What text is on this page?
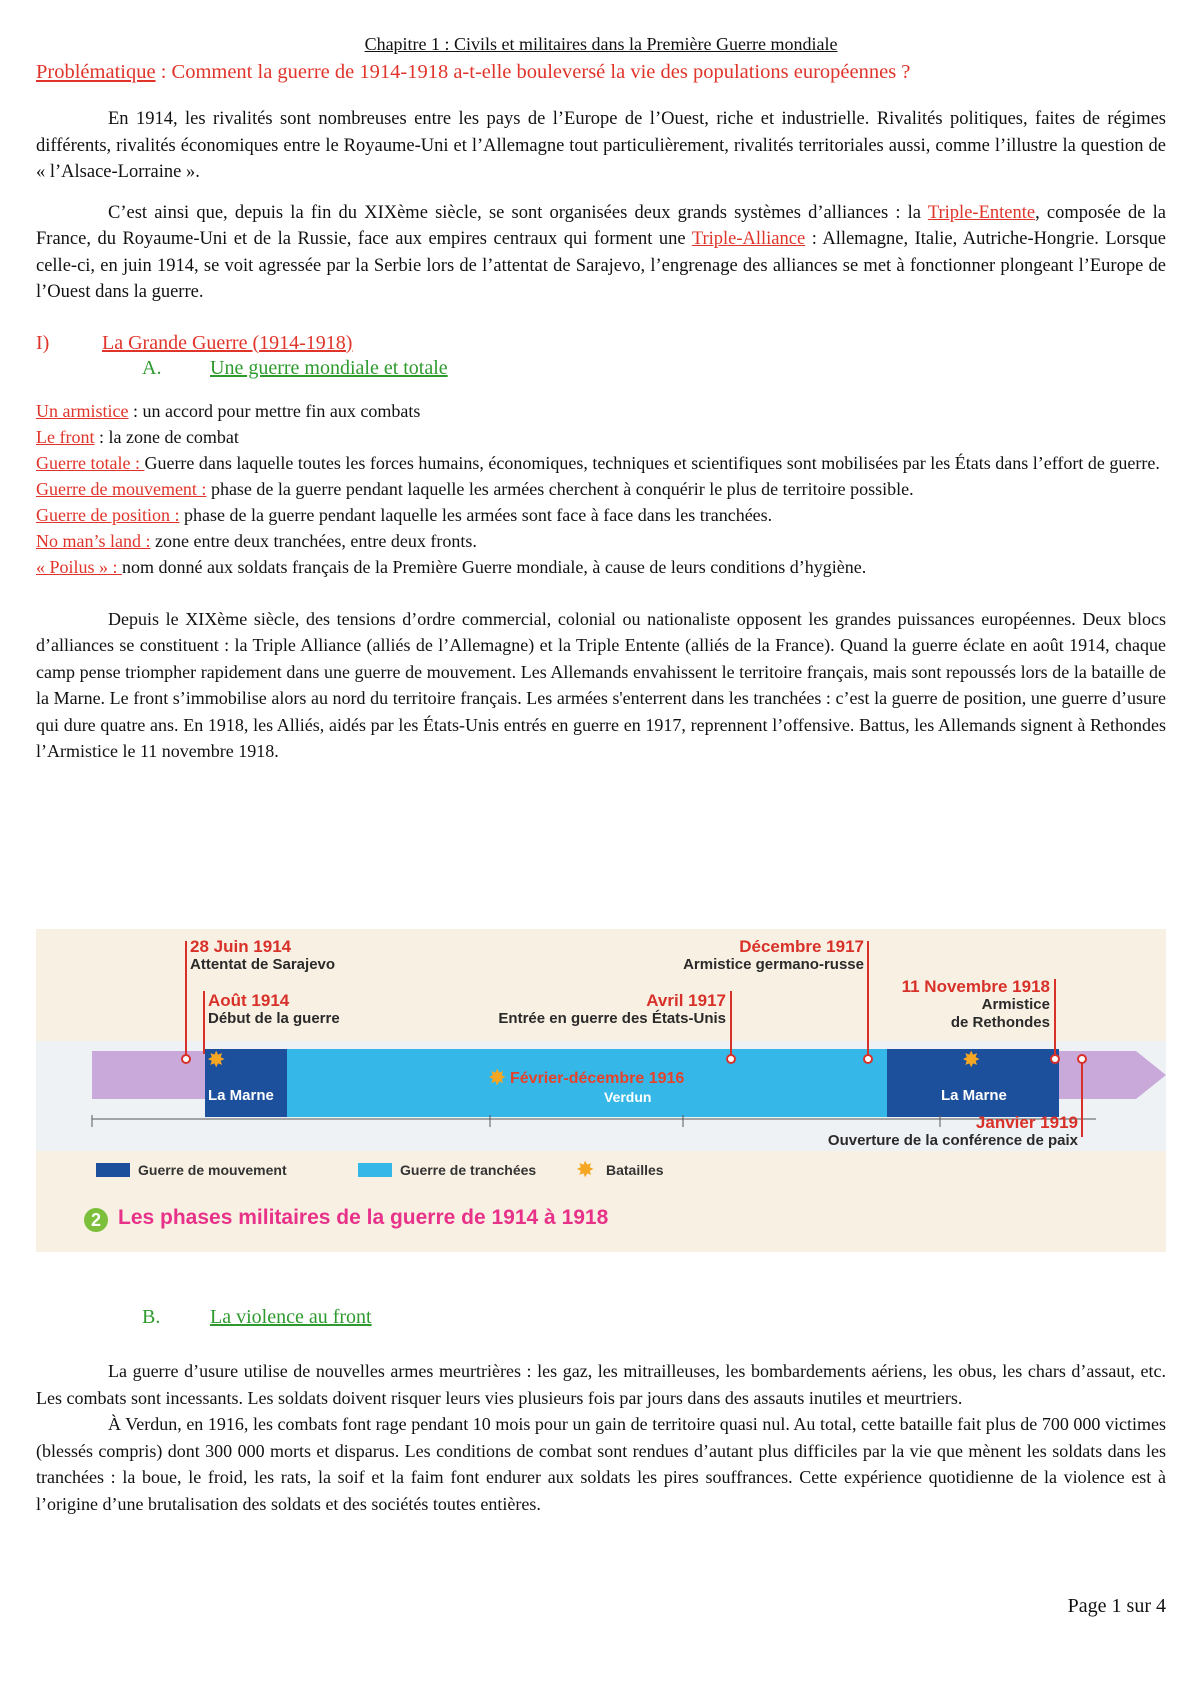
Chapitre 1 : Civils et militaires dans la Première Guerre mondiale
Problématique : Comment la guerre de 1914-1918 a-t-elle bouleversé la vie des populations européennes ?

En 1914, les rivalités sont nombreuses entre les pays de l’Europe de l’Ouest, riche et industrielle. Rivalités politiques, faites de régimes différents, rivalités économiques entre le Royaume-Uni et l’Allemagne tout particulièrement, rivalités territoriales aussi, comme l’illustre la question de « l’Alsace-Lorraine ».

C’est ainsi que, depuis la fin du XIXème siècle, se sont organisées deux grands systèmes d’alliances : la Triple-Entente, composée de la France, du Royaume-Uni et de la Russie, face aux empires centraux qui forment une Triple-Alliance : Allemagne, Italie, Autriche-Hongrie. Lorsque celle-ci, en juin 1914, se voit agressée par la Serbie lors de l’attentat de Sarajevo, l’engrenage des alliances se met à fonctionner plongeant l’Europe de l’Ouest dans la guerre.

I)	La Grande Guerre (1914-1918)
A.	Une guerre mondiale et totale
Un armistice : un accord pour mettre fin aux combats
Le front : la zone de combat
Guerre totale : Guerre dans laquelle toutes les forces humains, économiques, techniques et scientifiques sont mobilisées par les États dans l’effort de guerre.
Guerre de mouvement : phase de la guerre pendant laquelle les armées cherchent à conquérir le plus de territoire possible.
Guerre de position : phase de la guerre pendant laquelle les armées sont face à face dans les tranchées.
No man’s land : zone entre deux tranchées, entre deux fronts.
« Poilus » : nom donné aux soldats français de la Première Guerre mondiale, à cause de leurs conditions d’hygiène.

Depuis le XIXème siècle, des tensions d’ordre commercial, colonial ou nationaliste opposent les grandes puissances européennes. Deux blocs d’alliances se constituent : la Triple Alliance (alliés de l’Allemagne) et la Triple Entente (alliés de la France). Quand la guerre éclate en août 1914, chaque camp pense triompher rapidement dans une guerre de mouvement. Les Allemands envahissent le territoire français, mais sont repoussés lors de la bataille de la Marne. Le front s’immobilise alors au nord du territoire français. Les armées s'enterrent dans les tranchées : c’est la guerre de position, une guerre d’usure qui dure quatre ans. En 1918, les Alliés, aidés par les États-Unis entrés en guerre en 1917, reprennent l’offensive. Battus, les Allemands signent à Rethondes l’Armistice le 11 novembre 1918.

✸
✸
✸
✸
28 Juin 1914
Attentat de Sarajevo
Août 1914
Début de la guerre
Avril 1917
Entrée en guerre des États-Unis
Décembre 1917
Armistice germano-russe
11 Novembre 1918
Armistice
de Rethondes
Janvier 1919
Ouverture de la conférence de paix
La Marne
Février-décembre 1916
Verdun	La Marne
Guerre de mouvement	Guerre de tranchées	Batailles
2 Les phases militaires de la guerre de 1914 à 1918
B.	La violence au front

La guerre d’usure utilise de nouvelles armes meurtrières : les gaz, les mitrailleuses, les bombardements aériens, les obus, les chars d’assaut, etc. Les combats sont incessants. Les soldats doivent risquer leurs vies plusieurs fois par jours dans des assauts inutiles et meurtriers.

À Verdun, en 1916, les combats font rage pendant 10 mois pour un gain de territoire quasi nul. Au total, cette bataille fait plus de 700 000 victimes (blessés compris) dont 300 000 morts et disparus. Les conditions de combat sont rendues d’autant plus difficiles par la vie que mènent les soldats dans les tranchées : la boue, le froid, les rats, la soif et la faim font endurer aux soldats les pires souffrances. Cette expérience quotidienne de la violence est à l’origine d’une brutalisation des soldats et des sociétés toutes entières.

Page 1 sur 4
